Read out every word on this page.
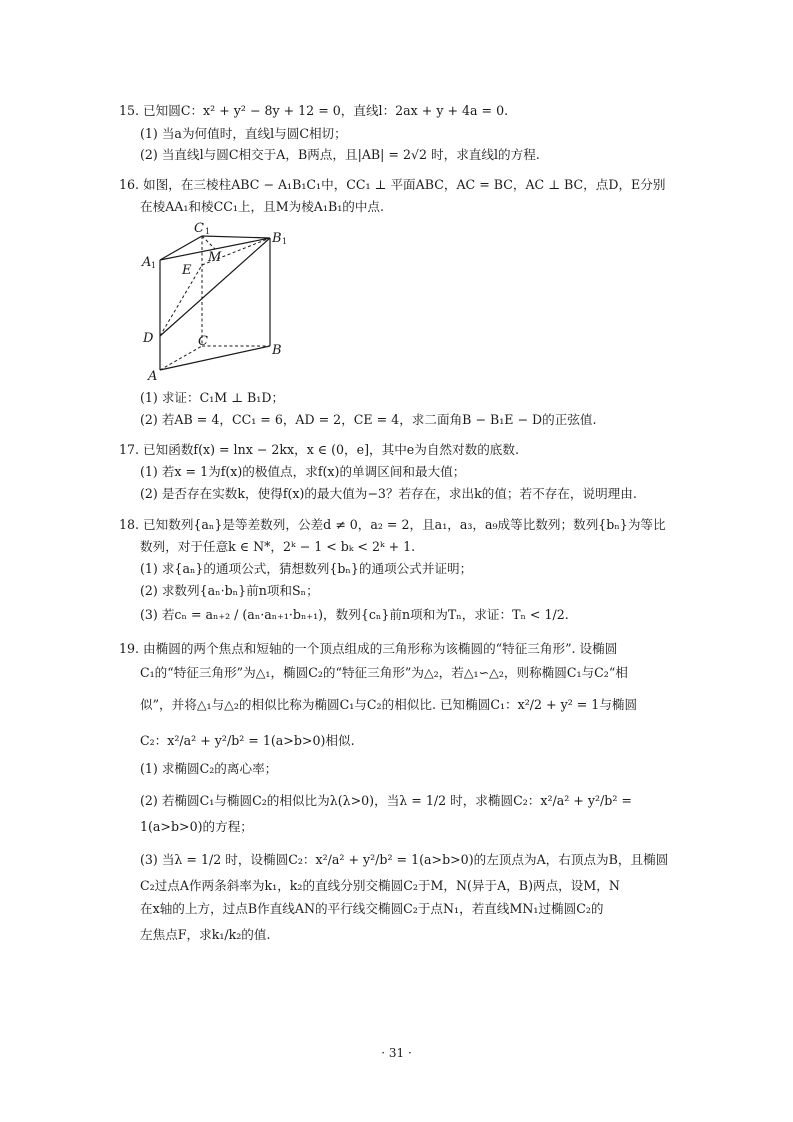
15. 已知圆C：x² + y² − 8y + 12 = 0，直线l：2ax + y + 4a = 0.
(1) 当a为何值时，直线l与圆C相切；
(2) 当直线l与圆C相交于A，B两点，且|AB| = 2√2 时，求直线l的方程.
16. 如图，在三棱柱ABC − A₁B₁C₁中，CC₁ ⊥ 平面ABC，AC = BC，AC ⊥ BC，点D，E分别
在棱AA₁和棱CC₁上，且M为棱A₁B₁的中点.
C 1	B 1
A 1 E
M
D	C
B
A
(1) 求证：C₁M ⊥ B₁D；
(2) 若AB = 4，CC₁ = 6，AD = 2，CE = 4，求二面角B − B₁E − D的正弦值.
17. 已知函数f(x) = lnx − 2kx，x ∈ (0，e]，其中e为自然对数的底数.
(1) 若x = 1为f(x)的极值点，求f(x)的单调区间和最大值；
(2) 是否存在实数k，使得f(x)的最大值为−3？若存在，求出k的值；若不存在，说明理由.
18. 已知数列{aₙ}是等差数列，公差d ≠ 0，a₂ = 2，且a₁，a₃，a₉成等比数列；数列{bₙ}为等比
数列，对于任意k ∈ N*，2ᵏ − 1 < bₖ < 2ᵏ + 1.
(1) 求{aₙ}的通项公式，猜想数列{bₙ}的通项公式并证明；
(2) 求数列{aₙ·bₙ}前n项和Sₙ；
(3) 若cₙ = aₙ₊₂ / (aₙ·aₙ₊₁·bₙ₊₁)，数列{cₙ}前n项和为Tₙ，求证：Tₙ < 1/2.
19. 由椭圆的两个焦点和短轴的一个顶点组成的三角形称为该椭圆的“特征三角形”. 设椭圆
C₁的“特征三角形”为△₁，椭圆C₂的“特征三角形”为△₂，若△₁∽△₂，则称椭圆C₁与C₂“相
似”，并将△₁与△₂的相似比称为椭圆C₁与C₂的相似比. 已知椭圆C₁：x²/2 + y² = 1与椭圆
C₂：x²/a² + y²/b² = 1(a>b>0)相似.
(1) 求椭圆C₂的离心率；
(2) 若椭圆C₁与椭圆C₂的相似比为λ(λ>0)，当λ = 1/2 时，求椭圆C₂：x²/a² + y²/b² =
1(a>b>0)的方程；
(3) 当λ = 1/2 时，设椭圆C₂：x²/a² + y²/b² = 1(a>b>0)的左顶点为A，右顶点为B，且椭圆
C₂过点A作两条斜率为k₁，k₂的直线分别交椭圆C₂于M，N(异于A，B)两点，设M，N
在x轴的上方，过点B作直线AN的平行线交椭圆C₂于点N₁，若直线MN₁过椭圆C₂的
左焦点F，求k₁/k₂的值.
· 31 ·
